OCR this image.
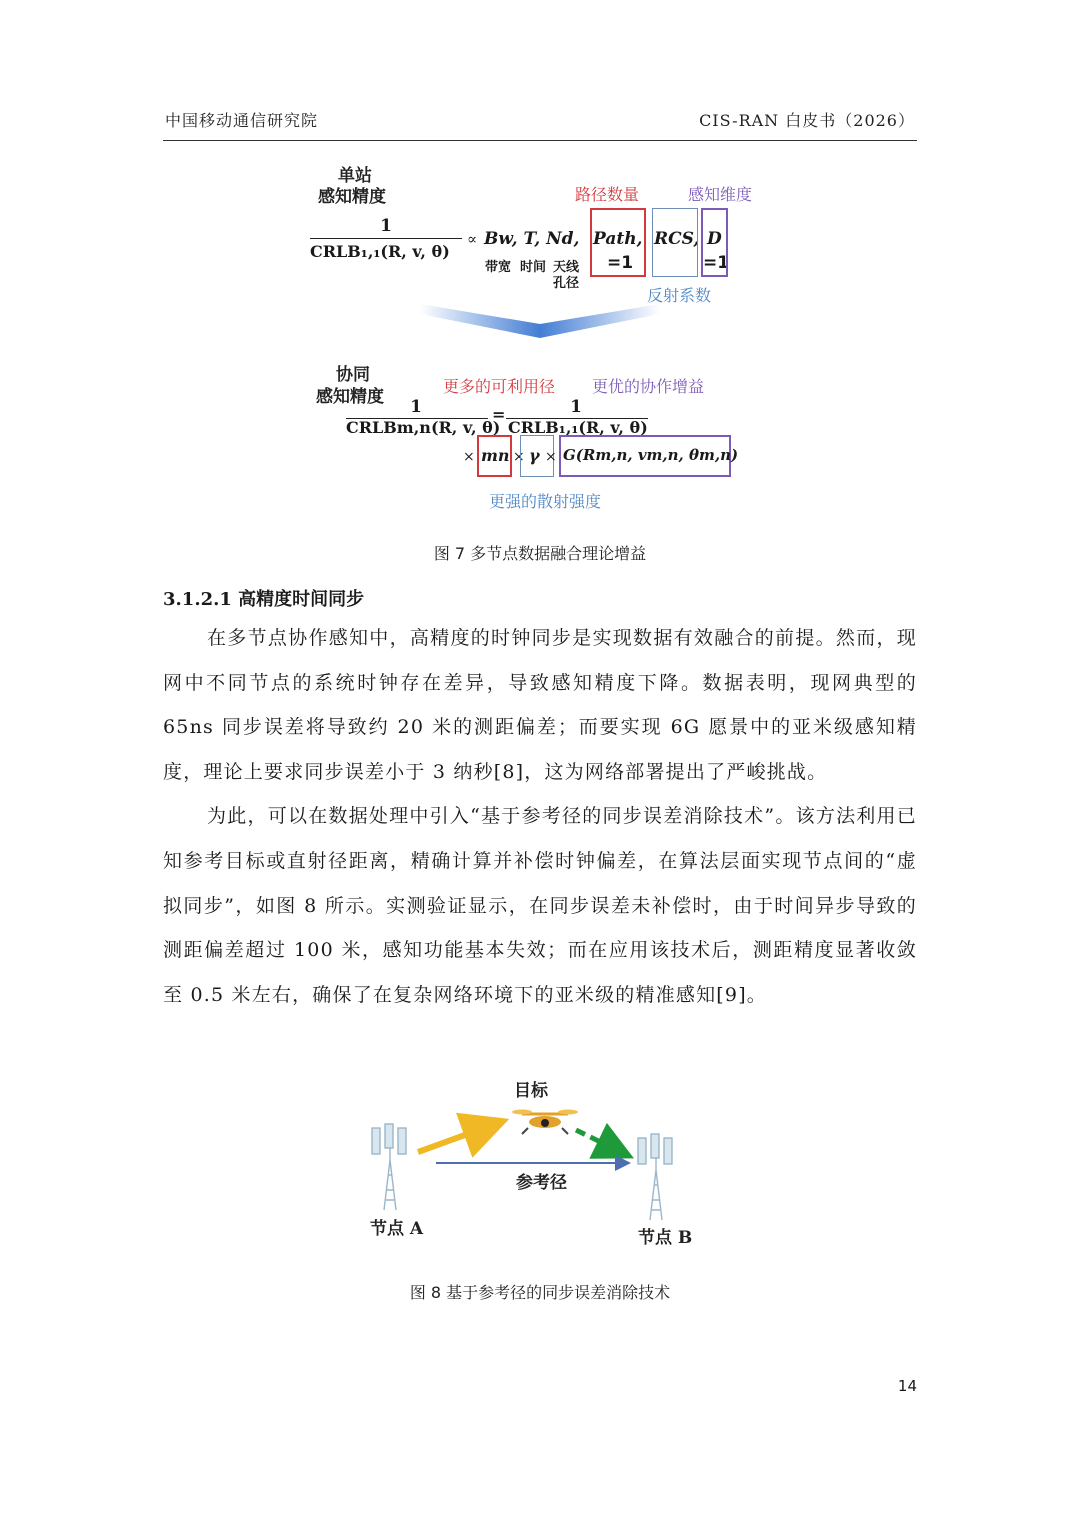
中国移动通信研究院	CIS-RAN 白皮书（2026）
单站
感知精度
1
CRLB₁,₁(R, v, θ)
∝ Bw, T, Nd, Path, RCS, D
带宽 时间 天线
孔径
=1	=1
路径数量	感知维度
反射系数
协同
感知精度
更多的可利用径 更优的协作增益
1
CRLBm,n(R, v, θ)
=	1
CRLB₁,₁(R, v, θ)
× mn × γ × G(Rm,n, vm,n, θm,n)
更强的散射强度
图 7 多节点数据融合理论增益
3.1.2.1 高精度时间同步

在多节点协作感知中，高精度的时钟同步是实现数据有效融合的前提。然而，现网中不同节点的系统时钟存在差异，导致感知精度下降。数据表明，现网典型的 65ns 同步误差将导致约 20 米的测距偏差；而要实现 6G 愿景中的亚米级感知精度，理论上要求同步误差小于 3 纳秒[8]，这为网络部署提出了严峻挑战。

为此，可以在数据处理中引入“基于参考径的同步误差消除技术”。该方法利用已知参考目标或直射径距离，精确计算并补偿时钟偏差，在算法层面实现节点间的“虚拟同步”，如图 8 所示。实测验证显示，在同步误差未补偿时，由于时间异步导致的测距偏差超过 100 米，感知功能基本失效；而在应用该技术后，测距精度显著收敛至 0.5 米左右，确保了在复杂网络环境下的亚米级的精准感知[9]。

目标
参考径
节点 A	节点 B
图 8 基于参考径的同步误差消除技术
14
